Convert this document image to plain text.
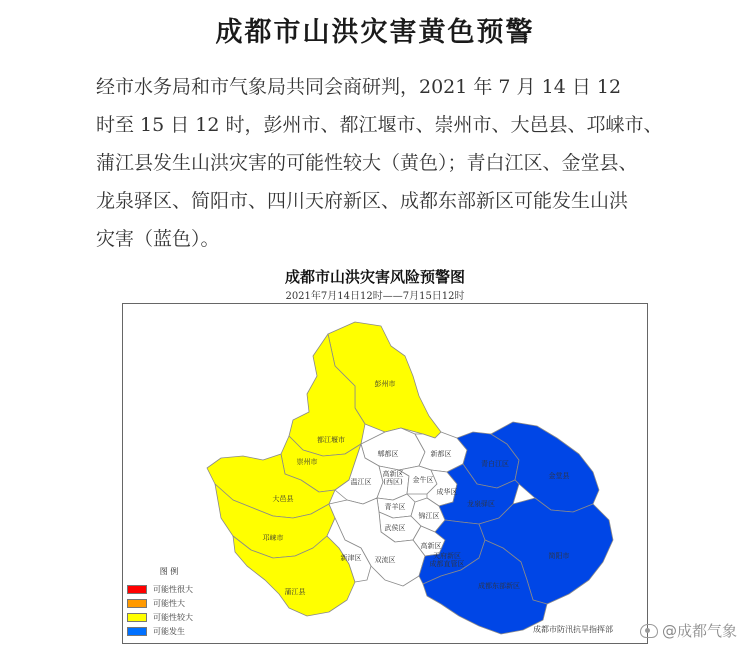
成都市山洪灾害黄色预警
经市水务局和市气象局共同会商研判，2021 年 7 月 14 日 12
时至 15 日 12 时，彭州市、都江堰市、崇州市、大邑县、邛崃市、
蒲江县发生山洪灾害的可能性较大（黄色）；青白江区、金堂县、
龙泉驿区、简阳市、四川天府新区、成都东部新区可能发生山洪
灾害（蓝色）。
成都市山洪灾害风险预警图
2021年7月14日12时——7月15日12时
彭州市
都江堰市
崇州市
大邑县
邛崃市
蒲江县
郫都区	新都区
温江区
高新区(西区) 金牛区
青羊区
成华区
武侯区
锦江区
高新区
双流区
新津区
青白江区
金堂县
龙泉驿区
天府新区成都直管区
简阳市
成都东部新区
图 例
可能性很大
可能性大
可能性较大
可能发生	成都市防汛抗旱指挥部	@成都气象
